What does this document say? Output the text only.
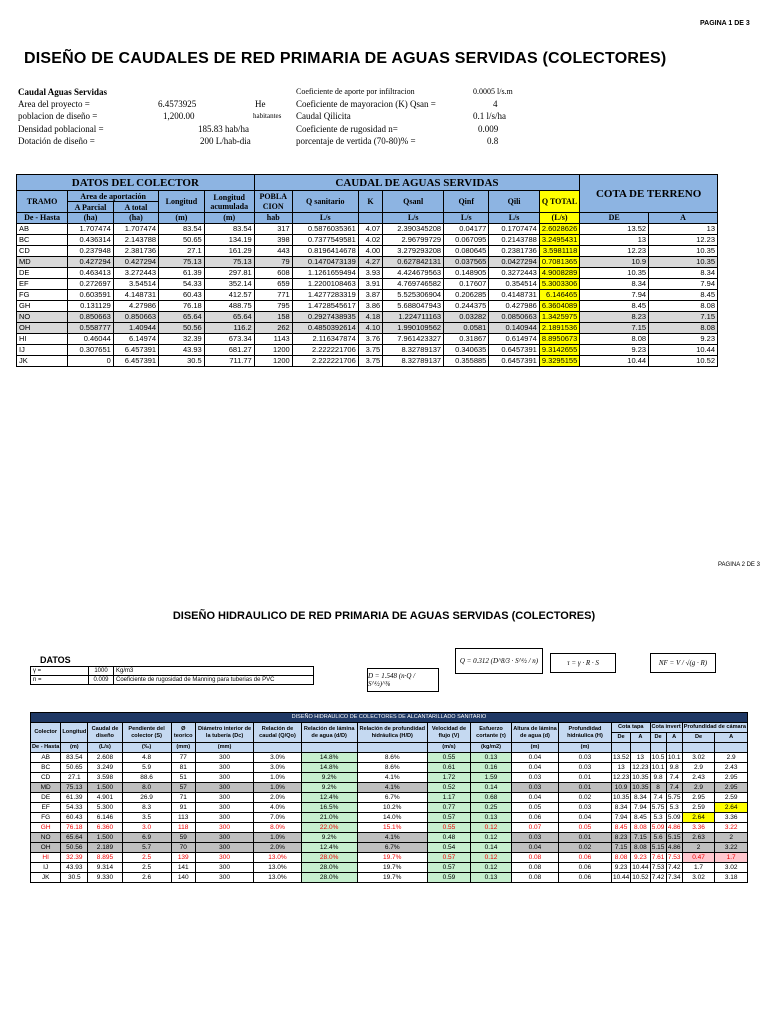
PAGINA 1 DE 3
DISEÑO DE CAUDALES DE RED PRIMARIA DE AGUAS SERVIDAS (COLECTORES)
Caudal Aguas Servidas
Area del proyecto =	6.4573925	He
poblacion de diseño =	1,200.00	habitantes
Densidad poblacional =	185.83 hab/ha
Dotación de diseño =	200 L/hab-dia
Coeficiente de aporte por infiltracion	0.0005 l/s.m
Coeficiente de mayoracion (K) Qsan =	4
Caudal Qilicita	0.1 l/s/ha
Coeficiente de rugosidad n=	0.009
porcentaje de vertida (70-80)% =	0.8
DATOS DEL COLECTOR					CAUDAL DE AGUAS SERVIDAS							COTA DE TERRENO	
TRAMO	Area de aportación		Longitud	Longitud acumulada	POBLA CION	Q sanitario	K	Qsanl	Qinf	Qili	Q TOTAL		
	A Parcial	A total											
De - Hasta	(ha)	(ha)	(m)	(m)	hab	L/s		L/s	L/s	L/s	(L/s)	DE	A
AB	1.707474	1.707474	83.54	83.54	317	0.5876035361	4.07	2.390345208	0.04177	0.1707474	2.6028626	13.52	13
BC	0.436314	2.143788	50.65	134.19	398	0.7377549581	4.02	2.96799729	0.067095	0.2143788	3.2495431	13	12.23
CD	0.237948	2.381736	27.1	161.29	443	0.8196414678	4.00	3.279293208	0.080645	0.2381736	3.5981118	12.23	10.35
MD	0.427294	0.427294	75.13	75.13	79	0.1470473139	4.27	0.627842131	0.037565	0.0427294	0.7081365	10.9	10.35
DE	0.463413	3.272443	61.39	297.81	608	1.1261659494	3.93	4.424679563	0.148905	0.3272443	4.9008289	10.35	8.34
EF	0.272697	3.54514	54.33	352.14	659	1.2200108463	3.91	4.769746582	0.17607	0.354514	5.3003306	8.34	7.94
FG	0.603591	4.148731	60.43	412.57	771	1.4277283319	3.87	5.525306904	0.206285	0.4148731	6.146465	7.94	8.45
GH	0.131129	4.27986	76.18	488.75	795	1.4728545617	3.86	5.688047943	0.244375	0.427986	6.3604089	8.45	8.08
NO	0.850663	0.850663	65.64	65.64	158	0.2927438935	4.18	1.224711163	0.03282	0.0850663	1.3425975	8.23	7.15
OH	0.558777	1.40944	50.56	116.2	262	0.4850392614	4.10	1.990109562	0.0581	0.140944	2.1891536	7.15	8.08
HI	0.46044	6.14974	32.39	673.34	1143	2.116347874	3.76	7.961423327	0.31867	0.614974	8.8950673	8.08	9.23
IJ	0.307651	6.457391	43.93	681.27	1200	2.222221706	3.75	8.32789137	0.340635	0.6457391	9.3142655	9.23	10.44
JK	0	6.457391	30.5	711.77	1200	2.222221706	3.75	8.32789137	0.355885	0.6457391	9.3295155	10.44	10.52
PAGINA 2 DE 3
DISEÑO HIDRAULICO DE RED PRIMARIA DE AGUAS SERVIDAS (COLECTORES)
DATOS
γ =	1000	Kg/m3
n =	0.009	Coeficiente de rugosidad de Manning para tuberias de PVC	D = 1.548 (n·Q / S^½)^⅜
Q = 0.312 (D^8/3 · S^½ / n)	τ = γ · R · S	NF = V / √(g · R)
DISEÑO HIDRAULICO DE COLECTORES DE ALCANTARILLADO SANITARIO																		
Colector	Longitud	Caudal de diseño	Pendiente del colector (S)	Ø teorico	Diámetro interior de la tubería (Dc)	Relación de caudal (Q/Qo)	Relación de lámina de agua (d/D)	Relación de profundidad hidráulica (H/D)	Velocidad de flujo (V)	Esfuerzo cortante (τ)	Altura de lámina de agua (d)	Profundidad hidráulica (H)	Cota tapa		Cota invert		Profundidad de cámara	
													De	A	De	A	De	A
De - Hasta	(m)	(L/s)	(‰)	(mm)	(mm)				(m/s)	(kg/m2)	(m)	(m)						
AB	83.54	2.608	4.8	77	300	3.0%	14.8%	8.6%	0.55	0.13	0.04	0.03	13.52	13	10.5	10.1	3.02	2.9
BC	50.65	3.249	5.9	81	300	3.0%	14.8%	8.6%	0.61	0.16	0.04	0.03	13	12.23	10.1	9.8	2.9	2.43
CD	27.1	3.598	88.6	51	300	1.0%	9.2%	4.1%	1.72	1.59	0.03	0.01	12.23	10.35	9.8	7.4	2.43	2.95
MD	75.13	1.500	8.0	57	300	1.0%	9.2%	4.1%	0.52	0.14	0.03	0.01	10.9	10.35	8	7.4	2.9	2.95
DE	61.39	4.901	26.9	71	300	2.0%	12.4%	6.7%	1.17	0.68	0.04	0.02	10.35	8.34	7.4	5.75	2.95	2.59
EF	54.33	5.300	8.3	91	300	4.0%	16.5%	10.2%	0.77	0.25	0.05	0.03	8.34	7.94	5.75	5.3	2.59	2.64
FG	60.43	6.146	3.5	113	300	7.0%	21.0%	14.0%	0.57	0.13	0.06	0.04	7.94	8.45	5.3	5.09	2.64	3.36
GH	76.18	6.360	3.0	118	300	8.0%	22.0%	15.1%	0.55	0.12	0.07	0.05	8.45	8.08	5.09	4.86	3.36	3.22
NO	65.64	1.500	6.9	59	300	1.0%	9.2%	4.1%	0.48	0.12	0.03	0.01	8.23	7.15	5.6	5.15	2.63	2
OH	50.56	2.189	5.7	70	300	2.0%	12.4%	6.7%	0.54	0.14	0.04	0.02	7.15	8.08	5.15	4.86	2	3.22
HI	32.39	8.895	2.5	139	300	13.0%	28.0%	19.7%	0.57	0.12	0.08	0.06	8.08	9.23	7.61	7.53	0.47	1.7
IJ	43.93	9.314	2.5	141	300	13.0%	28.0%	19.7%	0.57	0.12	0.08	0.06	9.23	10.44	7.53	7.42	1.7	3.02
JK	30.5	9.330	2.6	140	300	13.0%	28.0%	19.7%	0.59	0.13	0.08	0.06	10.44	10.52	7.42	7.34	3.02	3.18
